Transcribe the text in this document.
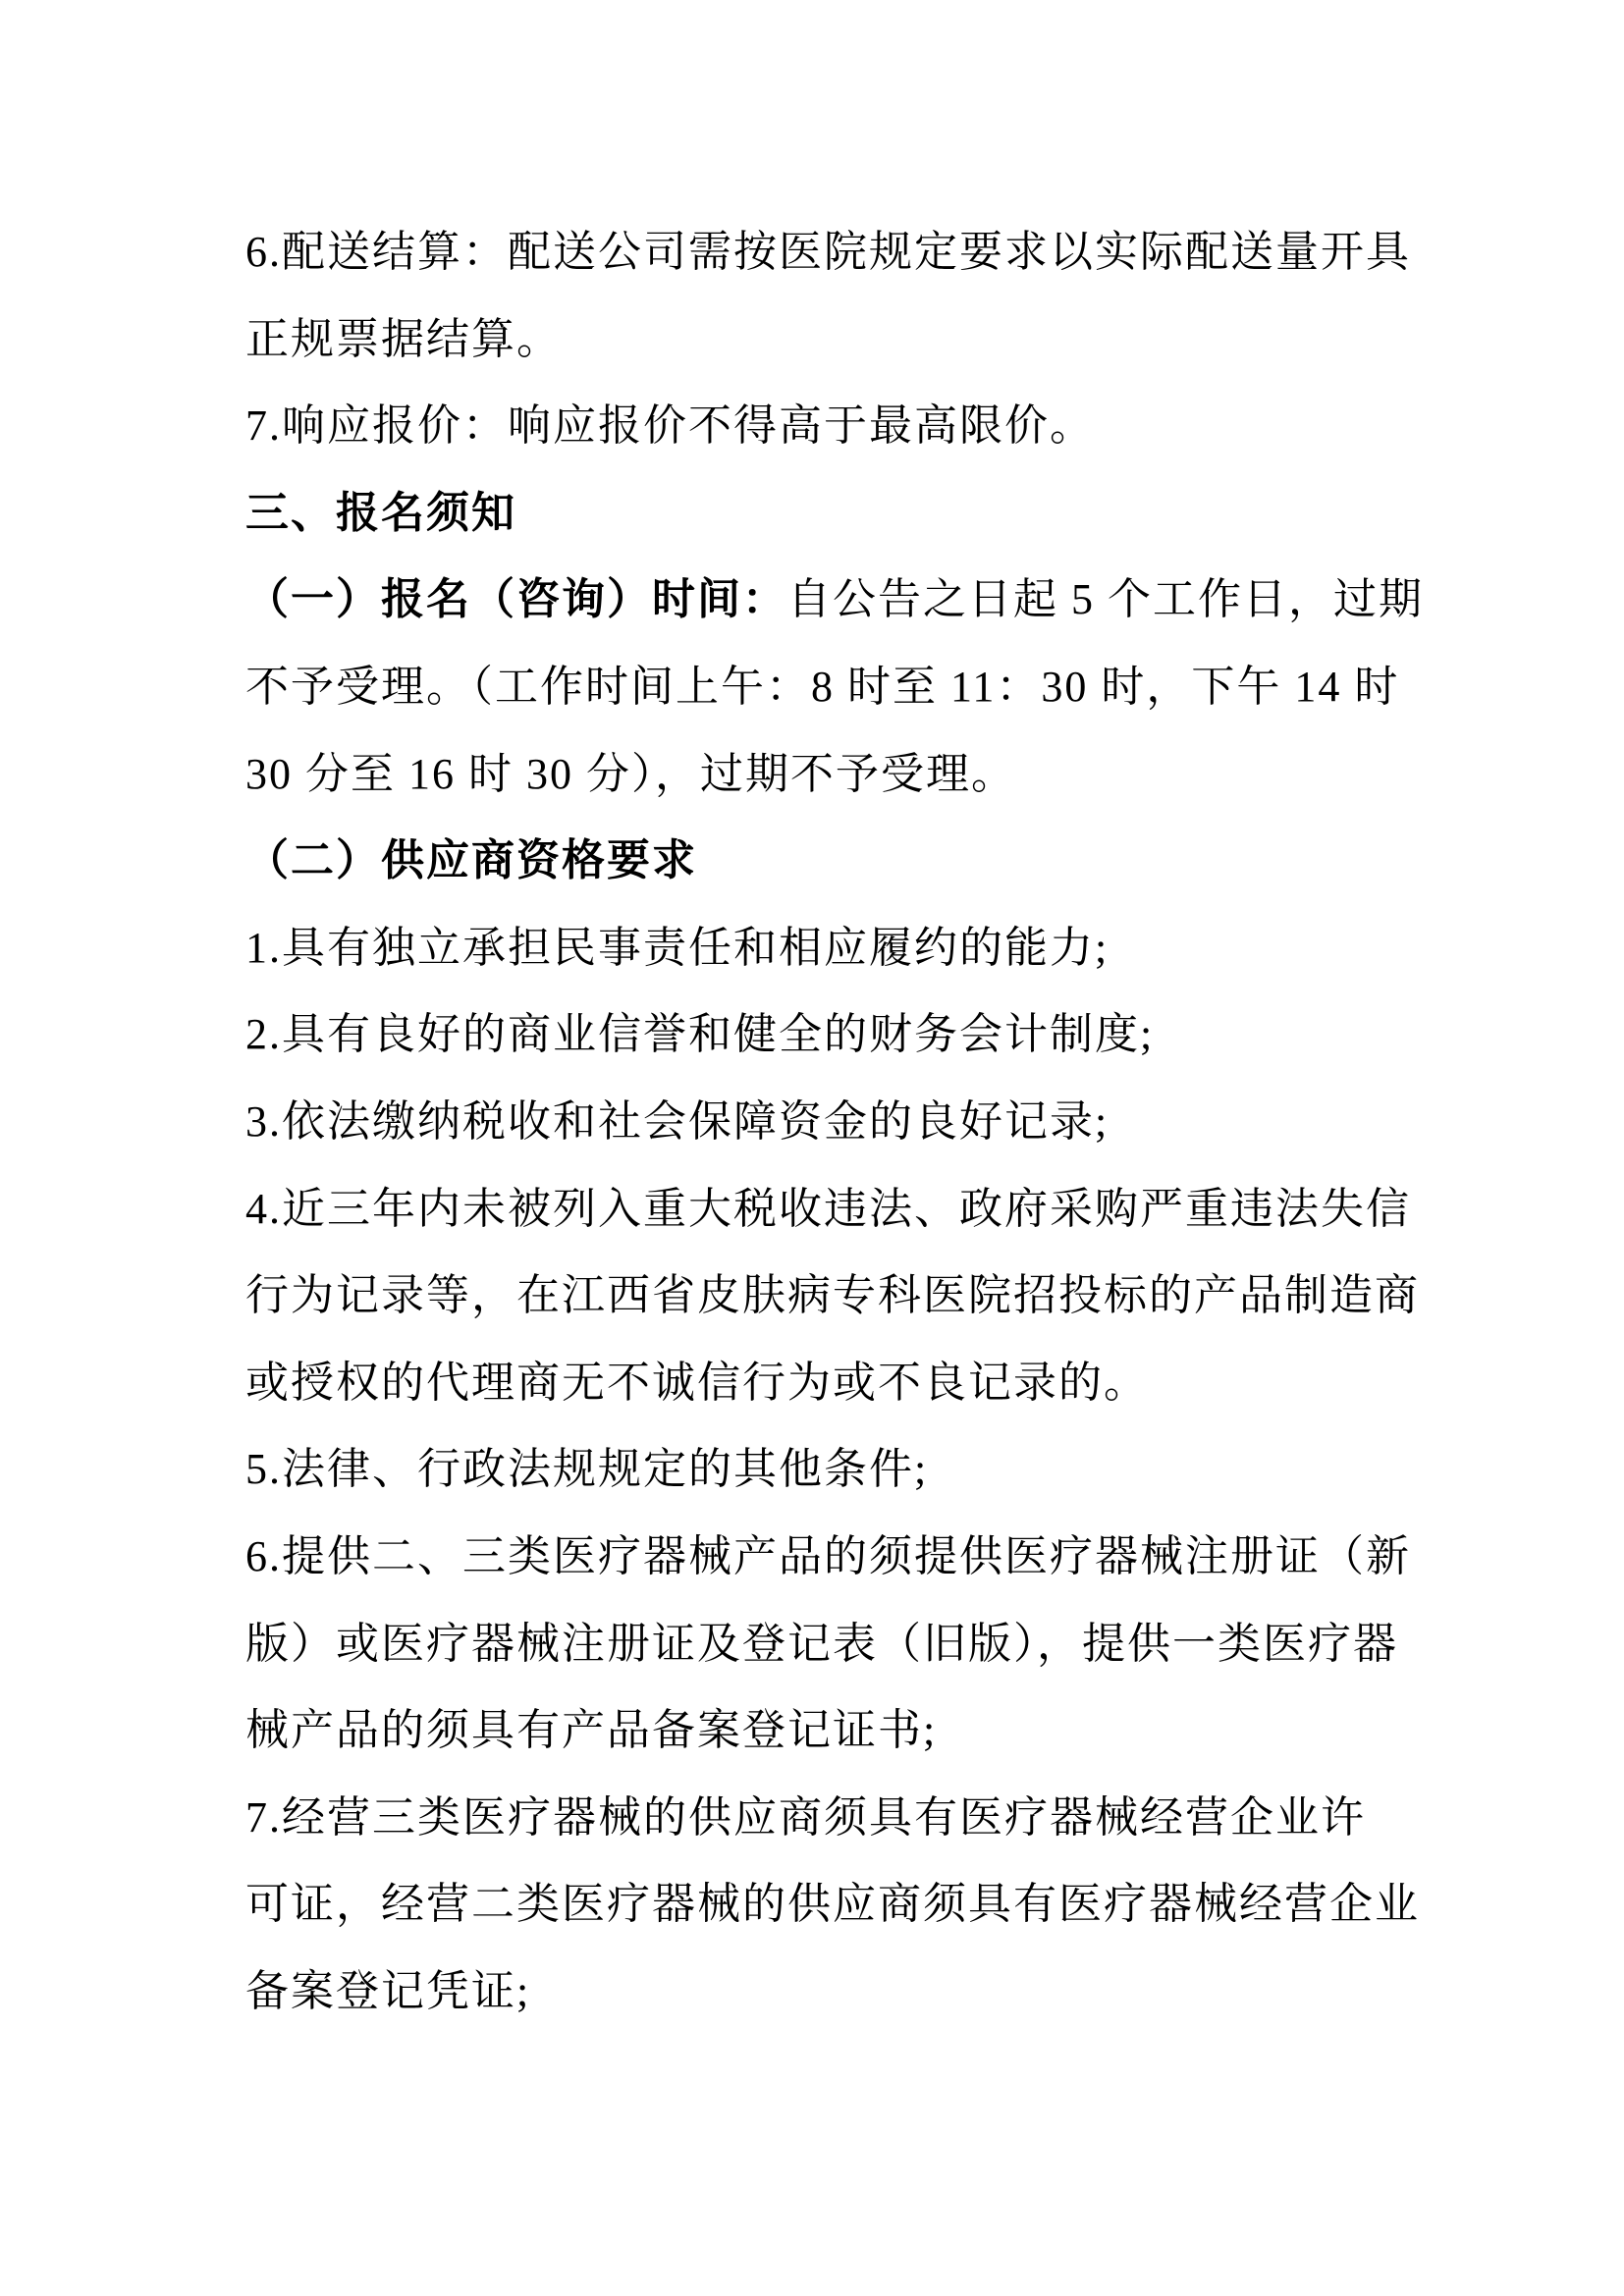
6.配送结算：配送公司需按医院规定要求以实际配送量开具
正规票据结算。
7.响应报价：响应报价不得高于最高限价。
三、报名须知
（一）报名（咨询）时间：自公告之日起 5 个工作日，过期
不予受理。（工作时间上午：8 时至 11：30 时，下午 14 时
30 分至 16 时 30 分），过期不予受理。
（二）供应商资格要求
1.具有独立承担民事责任和相应履约的能力;
2.具有良好的商业信誉和健全的财务会计制度;
3.依法缴纳税收和社会保障资金的良好记录;
4.近三年内未被列入重大税收违法、政府采购严重违法失信
行为记录等，在江西省皮肤病专科医院招投标的产品制造商
或授权的代理商无不诚信行为或不良记录的。
5.法律、行政法规规定的其他条件;
6.提供二、三类医疗器械产品的须提供医疗器械注册证（新
版）或医疗器械注册证及登记表（旧版），提供一类医疗器
械产品的须具有产品备案登记证书;
7.经营三类医疗器械的供应商须具有医疗器械经营企业许
可证，经营二类医疗器械的供应商须具有医疗器械经营企业
备案登记凭证;
